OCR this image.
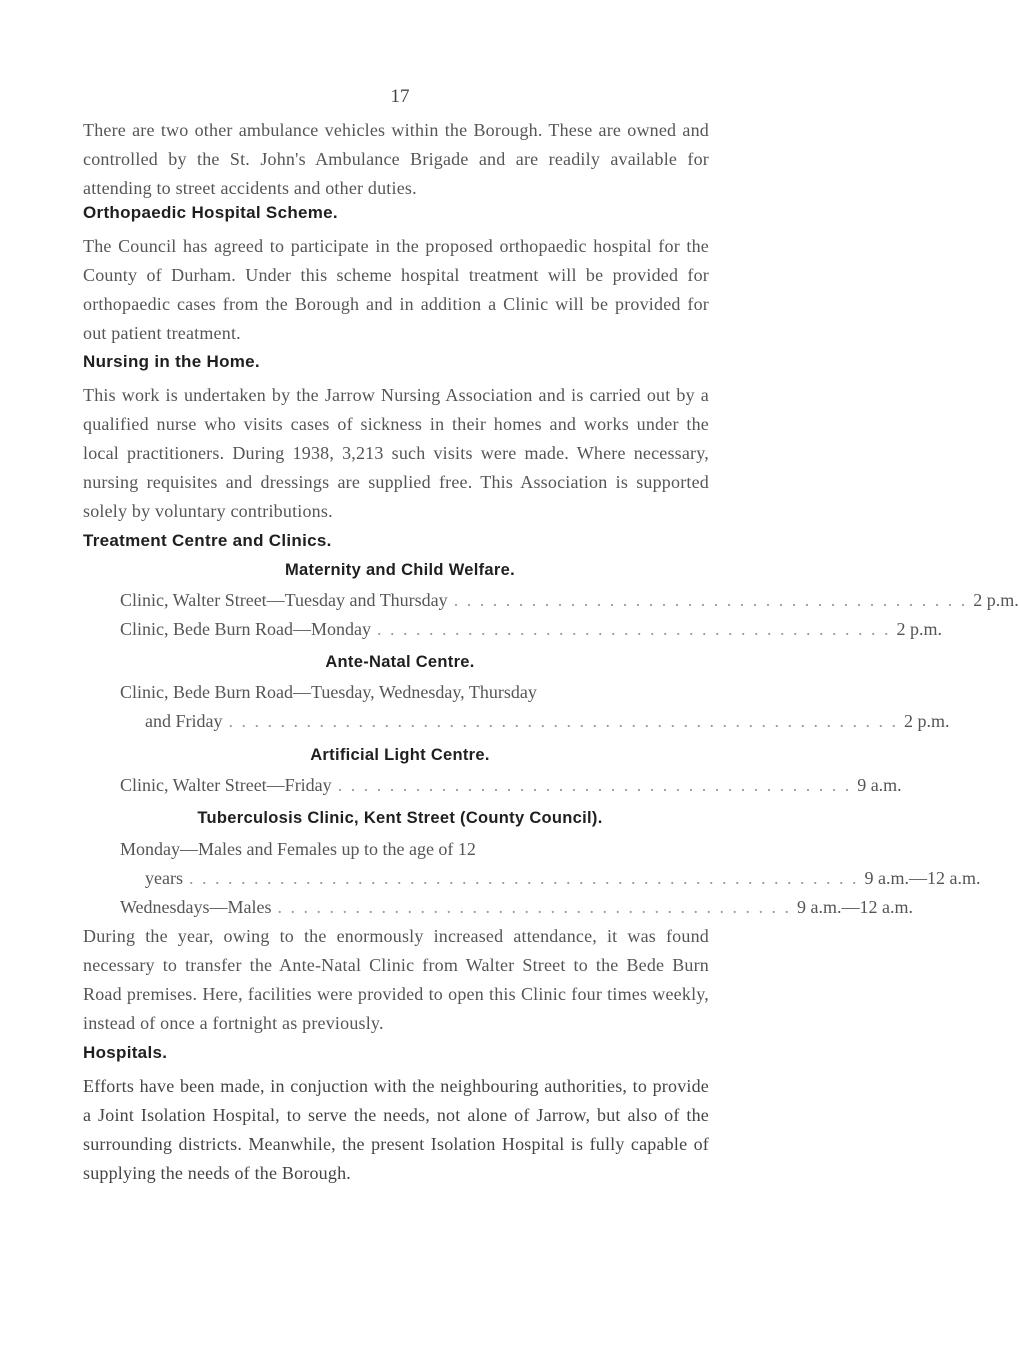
17

There are two other ambulance vehicles within the Borough. These are owned and controlled by the St. John's Ambulance Brigade and are readily available for attending to street accidents and other duties.

Orthopaedic Hospital Scheme.

The Council has agreed to participate in the proposed orthopaedic hospital for the County of Durham. Under this scheme hospital treatment will be provided for orthopaedic cases from the Borough and in addition a Clinic will be provided for out patient treatment.

Nursing in the Home.

This work is undertaken by the Jarrow Nursing Association and is carried out by a qualified nurse who visits cases of sickness in their homes and works under the local practitioners. During 1938, 3,213 such visits were made. Where necessary, nursing requisites and dressings are supplied free. This Association is supported solely by voluntary contributions.

Treatment Centre and Clinics.
Maternity and Child Welfare.
Clinic, Walter Street—Tuesday and Thursday . . . . . . . . . . . . . . . . . . . . . . . . . . . . . . . . . . . . . . . . 2 p.m.
Clinic, Bede Burn Road—Monday . . . . . . . . . . . . . . . . . . . . . . . . . . . . . . . . . . . . . . . . 2 p.m.
Ante-Natal Centre.
Clinic, Bede Burn Road—Tuesday, Wednesday, Thursday
and Friday . . . . . . . . . . . . . . . . . . . . . . . . . . . . . . . . . . . . . . . . . . . . . . . . . . . . 2 p.m.
Artificial Light Centre.
Clinic, Walter Street—Friday . . . . . . . . . . . . . . . . . . . . . . . . . . . . . . . . . . . . . . . . 9 a.m.
Tuberculosis Clinic, Kent Street (County Council).
Monday—Males and Females up to the age of 12
years . . . . . . . . . . . . . . . . . . . . . . . . . . . . . . . . . . . . . . . . . . . . . . . . . . . . 9 a.m.—12 a.m.
Wednesdays—Males . . . . . . . . . . . . . . . . . . . . . . . . . . . . . . . . . . . . . . . . 9 a.m.—12 a.m.

During the year, owing to the enormously increased attendance, it was found necessary to transfer the Ante-Natal Clinic from Walter Street to the Bede Burn Road premises. Here, facilities were provided to open this Clinic four times weekly, instead of once a fortnight as previously.

Hospitals.

Efforts have been made, in conjuction with the neighbouring authorities, to provide a Joint Isolation Hospital, to serve the needs, not alone of Jarrow, but also of the surrounding districts. Meanwhile, the present Isolation Hospital is fully capable of supplying the needs of the Borough.
